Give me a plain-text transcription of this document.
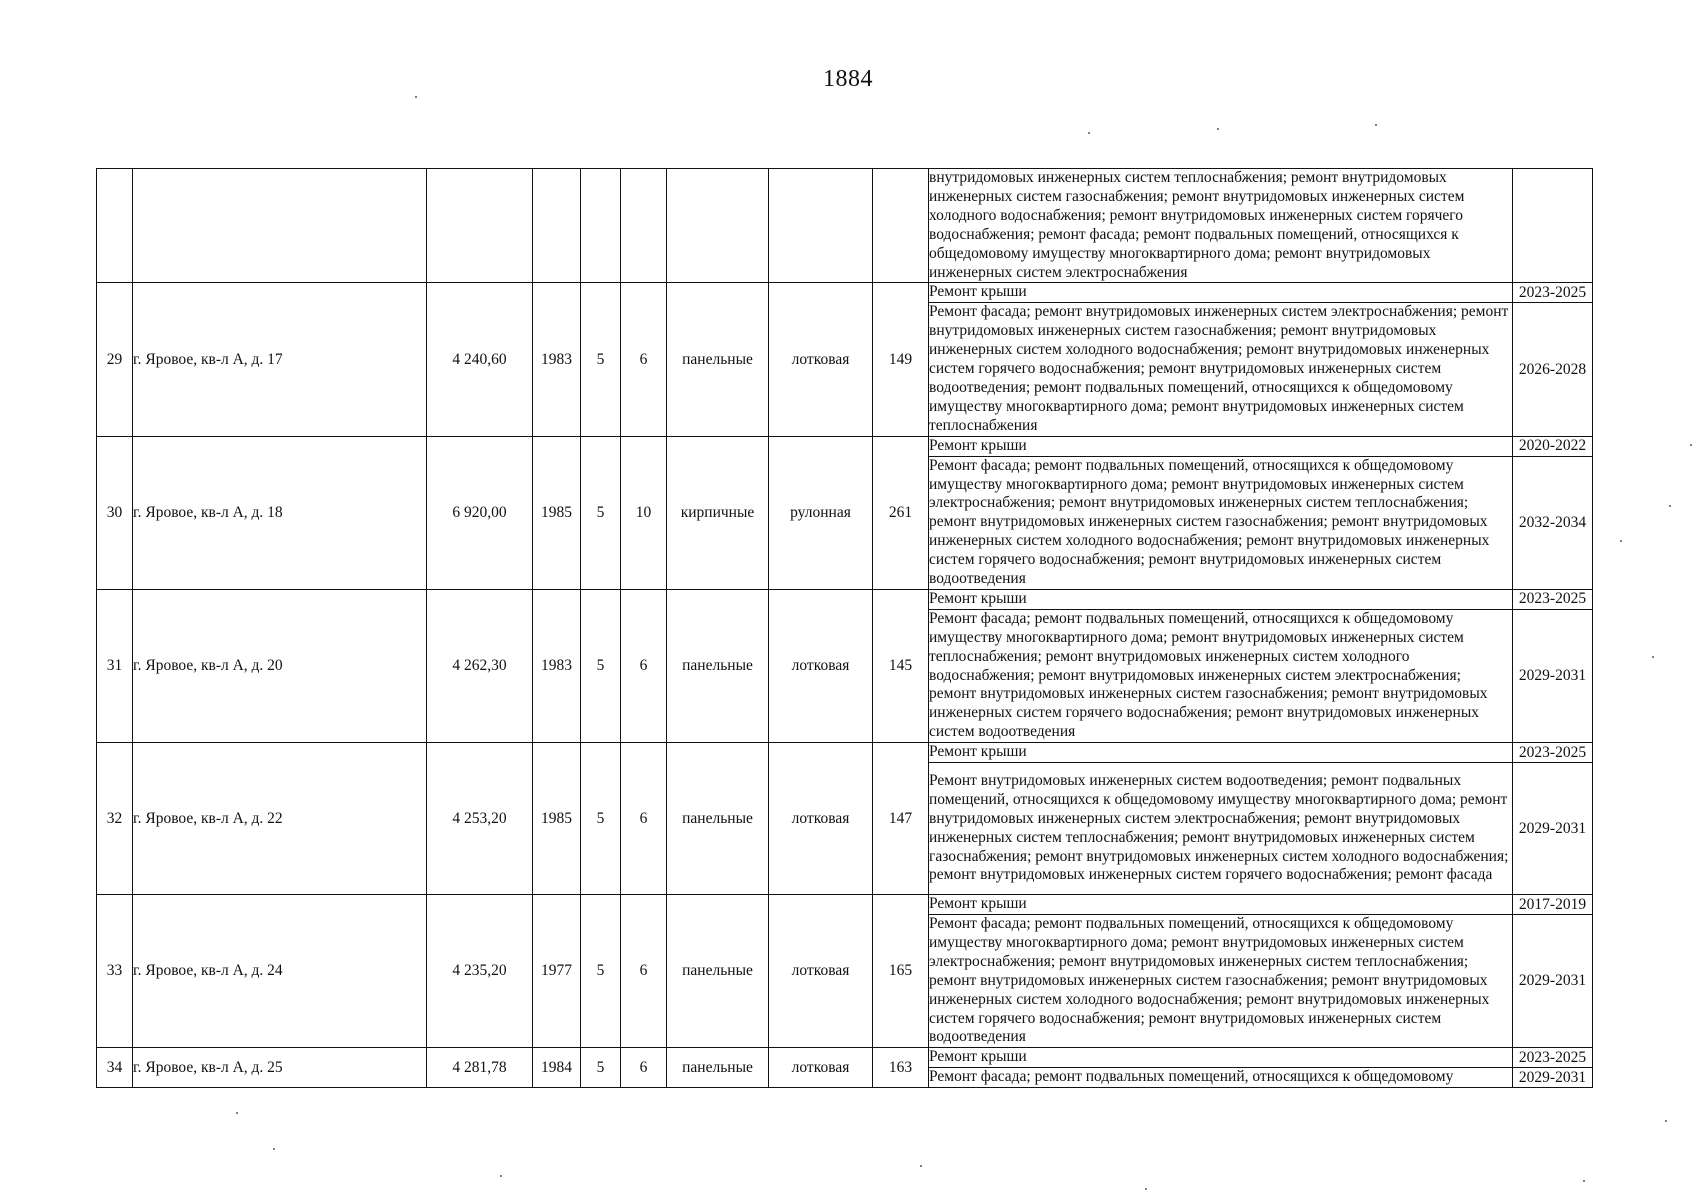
1884
									внутридомовых инженерных систем теплоснабжения; ремонт внутридомовых инженерных систем газоснабжения; ремонт внутридомовых инженерных систем холодного водоснабжения; ремонт внутридомовых инженерных систем горячего водоснабжения; ремонт фасада; ремонт подвальных помещений, относящихся к общедомовому имуществу многоквартирного дома; ремонт внутридомовых инженерных систем электроснабжения	
29	г. Яровое, кв-л А, д. 17	4 240,60	1983	5	6	панельные	лотковая	149	Ремонт крыши	2023-2025
									Ремонт фасада; ремонт внутридомовых инженерных систем электроснабжения; ремонт внутридомовых инженерных систем газоснабжения; ремонт внутридомовых инженерных систем холодного водоснабжения; ремонт внутридомовых инженерных систем горячего водоснабжения; ремонт внутридомовых инженерных систем водоотведения; ремонт подвальных помещений, относящихся к общедомовому имуществу многоквартирного дома; ремонт внутридомовых инженерных систем теплоснабжения	2026-2028
30	г. Яровое, кв-л А, д. 18	6 920,00	1985	5	10	кирпичные	рулонная	261	Ремонт крыши	2020-2022
									Ремонт фасада; ремонт подвальных помещений, относящихся к общедомовому имуществу многоквартирного дома; ремонт внутридомовых инженерных систем электроснабжения; ремонт внутридомовых инженерных систем теплоснабжения; ремонт внутридомовых инженерных систем газоснабжения; ремонт внутридомовых инженерных систем холодного водоснабжения; ремонт внутридомовых инженерных систем горячего водоснабжения; ремонт внутридомовых инженерных систем водоотведения	2032-2034
31	г. Яровое, кв-л А, д. 20	4 262,30	1983	5	6	панельные	лотковая	145	Ремонт крыши	2023-2025
									Ремонт фасада; ремонт подвальных помещений, относящихся к общедомовому имуществу многоквартирного дома; ремонт внутридомовых инженерных систем теплоснабжения; ремонт внутридомовых инженерных систем холодного водоснабжения; ремонт внутридомовых инженерных систем электроснабжения; ремонт внутридомовых инженерных систем газоснабжения; ремонт внутридомовых инженерных систем горячего водоснабжения; ремонт внутридомовых инженерных систем водоотведения	2029-2031
32	г. Яровое, кв-л А, д. 22	4 253,20	1985	5	6	панельные	лотковая	147	Ремонт крыши	2023-2025
									Ремонт внутридомовых инженерных систем водоотведения; ремонт подвальных помещений, относящихся к общедомовому имуществу многоквартирного дома; ремонт внутридомовых инженерных систем электроснабжения; ремонт внутридомовых инженерных систем теплоснабжения; ремонт внутридомовых инженерных систем газоснабжения; ремонт внутридомовых инженерных систем холодного водоснабжения; ремонт внутридомовых инженерных систем горячего водоснабжения; ремонт фасада	2029-2031
33	г. Яровое, кв-л А, д. 24	4 235,20	1977	5	6	панельные	лотковая	165	Ремонт крыши	2017-2019
									Ремонт фасада; ремонт подвальных помещений, относящихся к общедомовому имуществу многоквартирного дома; ремонт внутридомовых инженерных систем электроснабжения; ремонт внутридомовых инженерных систем теплоснабжения; ремонт внутридомовых инженерных систем газоснабжения; ремонт внутридомовых инженерных систем холодного водоснабжения; ремонт внутридомовых инженерных систем горячего водоснабжения; ремонт внутридомовых инженерных систем водоотведения	2029-2031
34	г. Яровое, кв-л А, д. 25	4 281,78	1984	5	6	панельные	лотковая	163	Ремонт крыши	2023-2025
									Ремонт фасада; ремонт подвальных помещений, относящихся к общедомовому	2029-2031
